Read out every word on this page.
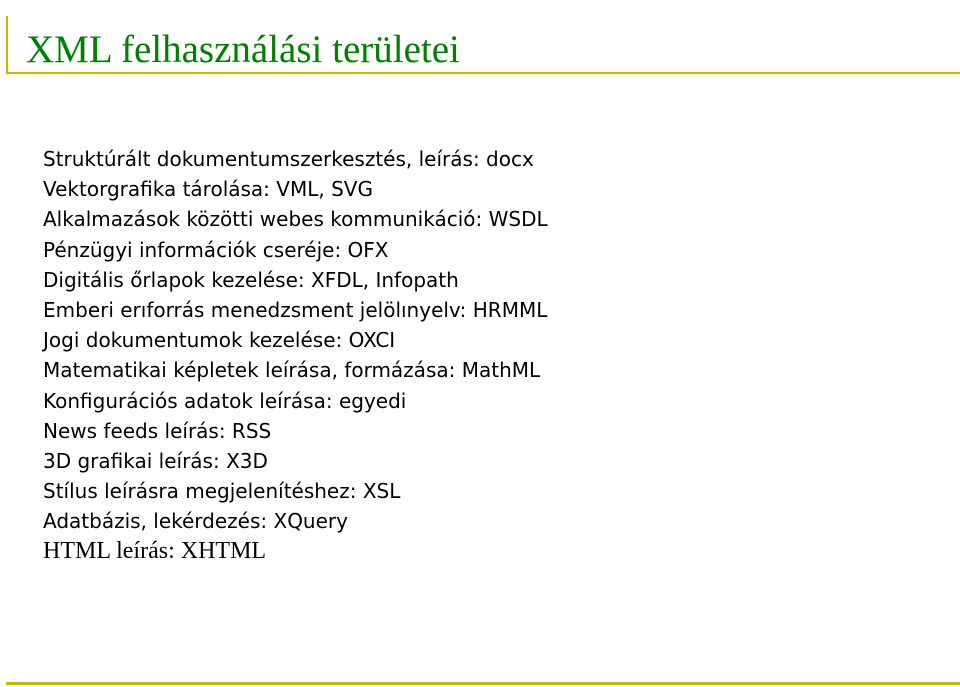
XML felhasználási területei
Struktúrált dokumentumszerkesztés, leírás: docx
Vektorgrafika tárolása: VML, SVG
Alkalmazások közötti webes kommunikáció: WSDL
Pénzügyi információk cseréje: OFX
Digitális őrlapok kezelése: XFDL, Infopath
Emberi erıforrás menedzsment jelölınyelv: HRMML
Jogi dokumentumok kezelése: OXCI
Matematikai képletek leírása, formázása: MathML
Konfigurációs adatok leírása: egyedi
News feeds leírás: RSS
3D grafikai leírás: X3D
Stílus leírásra megjelenítéshez: XSL
Adatbázis, lekérdezés: XQuery
HTML leírás: XHTML
